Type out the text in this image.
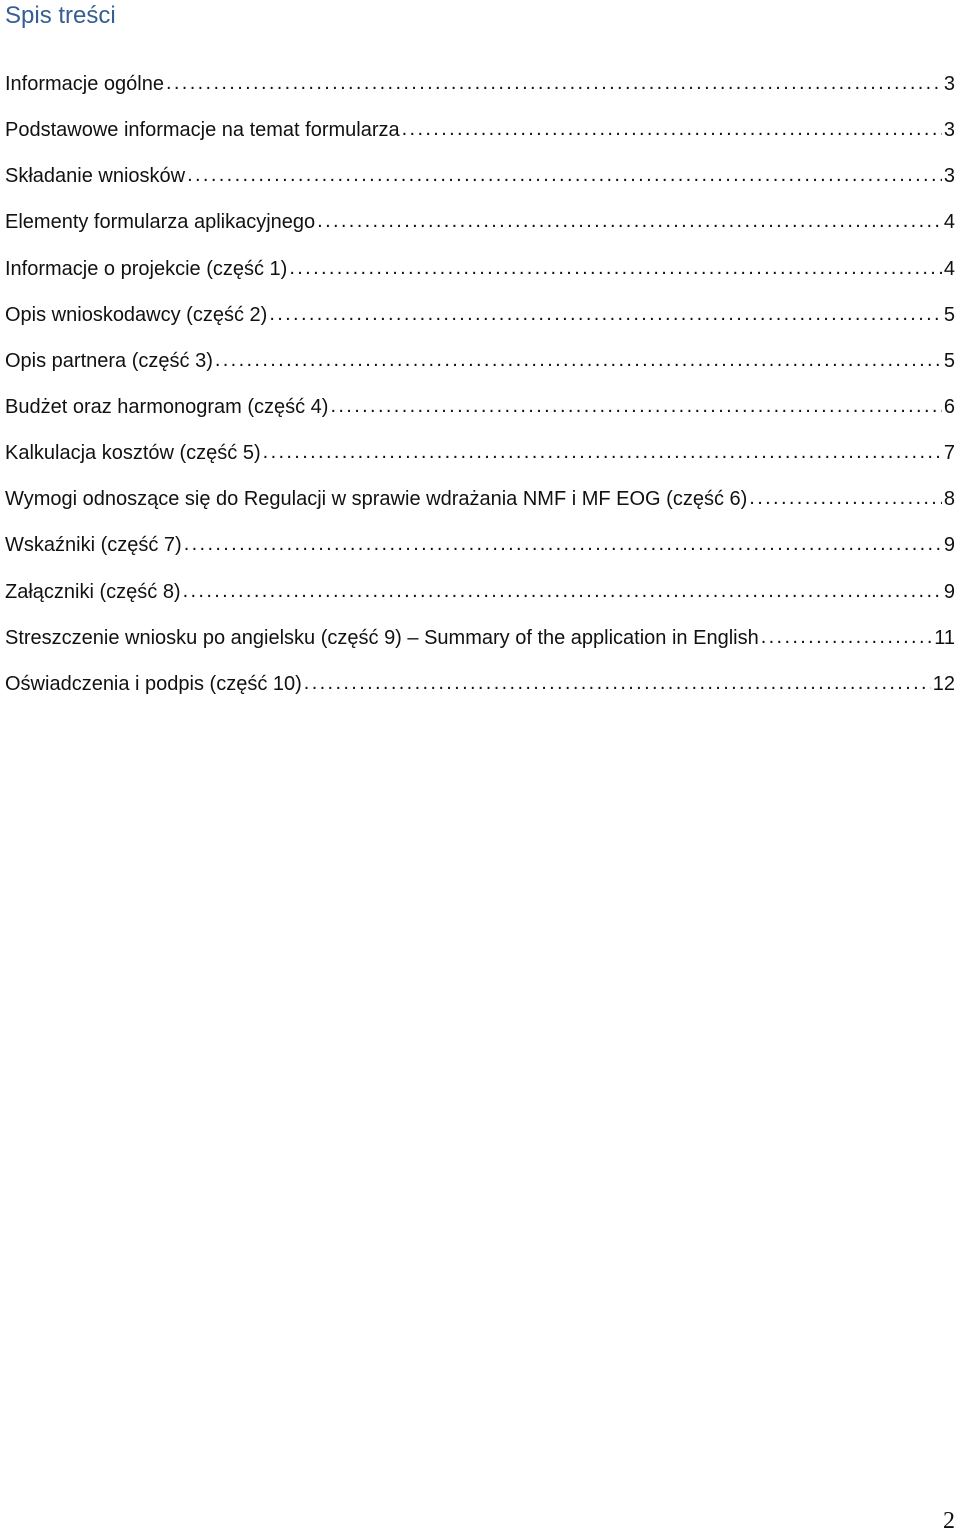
Spis treści
Informacje ogólne . . .	3
Podstawowe informacje na temat formularza . . .	3
Składanie wniosków . . .	3
Elementy formularza aplikacyjnego . . .	4
Informacje o projekcie (część 1) . . .	4
Opis wnioskodawcy (część 2) . . .	5
Opis partnera (część 3) . . .	5
Budżet oraz harmonogram (część 4) . . .	6
Kalkulacja kosztów (część 5) . . .	7
Wymogi odnoszące się do Regulacji w sprawie wdrażania NMF i MF EOG (część 6) . . .	8
Wskaźniki (część 7) . . .	9
Załączniki (część 8) . . .	9
Streszczenie wniosku po angielsku (część 9) – Summary of the application in English . . .	11
Oświadczenia i podpis (część 10) . . .	12
2
